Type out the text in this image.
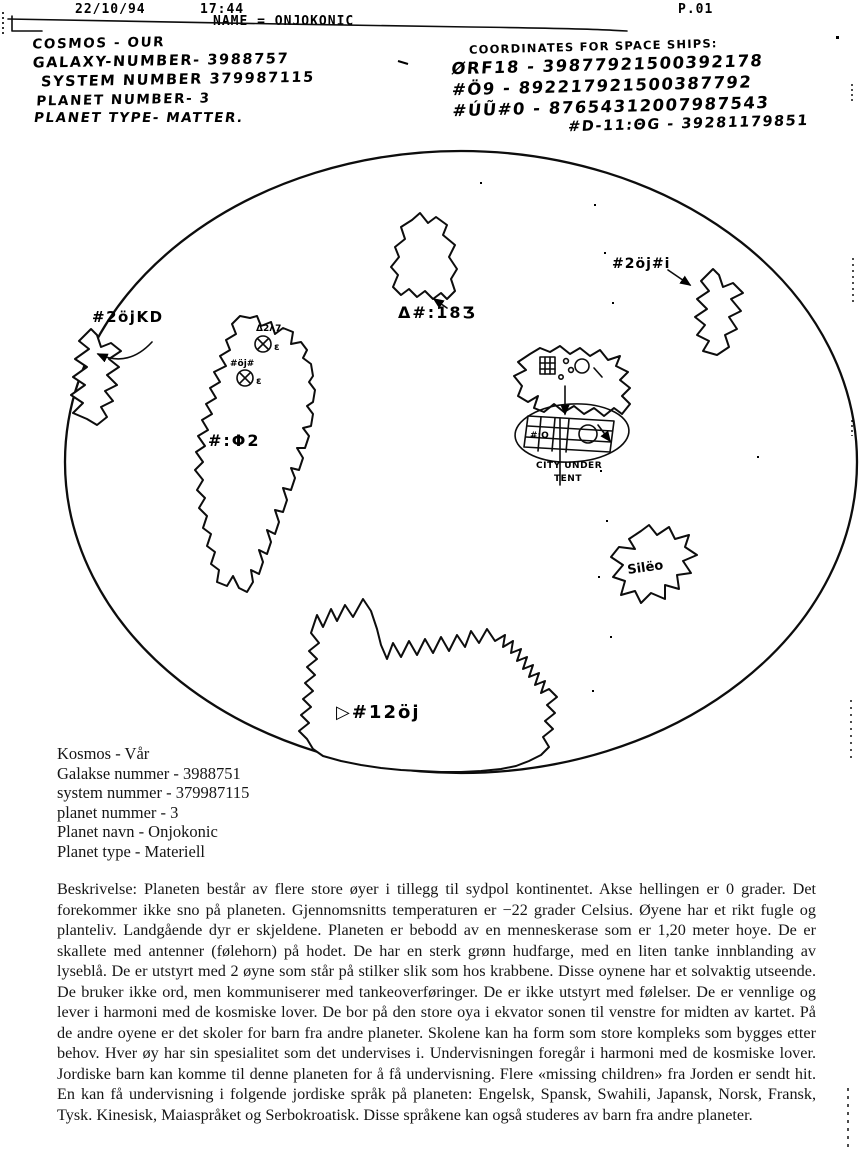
22/10/94	17:44	P.01
NAME = ONJOKONIC
COSMOS - OUR
GALAXY-NUMBER- 3988757
SYSTEM NUMBER 379987115
PLANET NUMBER- 3
PLANET TYPE- MATTER.
COORDINATES FOR SPACE SHIPS:
ØRF18 - 39877921500392178
#Ö9 - 892217921500387792
#ÚŨ#0 - 87654312007987543
#D-11:ΘG - 39281179851
Δ#:18Ʒ
#2öj#i
#2öjKD
Δ2ʌ7
ɛ
#öj#
ɛ
#:Φ2	#:O
CITY UNDER
TENT
Silëo
▷#12öj
Kosmos - Vår
Galakse nummer - 3988751
system nummer - 379987115
planet nummer - 3
Planet navn - Onjokonic
Planet type - Materiell
Beskrivelse: Planeten består av flere store øyer i tillegg til sydpol kontinentet. Akse hellingen er 0 grader. Det forekommer ikke sno på planeten. Gjennomsnitts temperaturen er −22 grader Celsius. Øyene har et rikt fugle og planteliv. Landgående dyr er skjeldene. Planeten er bebodd av en menneskerase som er 1,20 meter hoye. De er skallete med antenner (følehorn) på hodet. De har en sterk grønn hudfarge, med en liten tanke innblanding av lyseblå. De er utstyrt med 2 øyne som står på stilker slik som hos krabbene. Disse oynene har et solvaktig utseende. De bruker ikke ord, men kommuniserer med tankeoverføringer. De er ikke utstyrt med følelser. De er vennlige og lever i harmoni med de kosmiske lover. De bor på den store oya i ekvator sonen til venstre for midten av kartet. På de andre oyene er det skoler for barn fra andre planeter. Skolene kan ha form som store kompleks som bygges etter behov. Hver øy har sin spesialitet som det undervises i. Undervisningen foregår i harmoni med de kosmiske lover. Jordiske barn kan komme til denne planeten for å få undervisning. Flere «missing children» fra Jorden er sendt hit. En kan få undervisning i folgende jordiske språk på planeten: Engelsk, Spansk, Swahili, Japansk, Norsk, Fransk, Tysk. Kinesisk, Maiaspråket og Serbokroatisk. Disse språkene kan også studeres av barn fra andre planeter.
